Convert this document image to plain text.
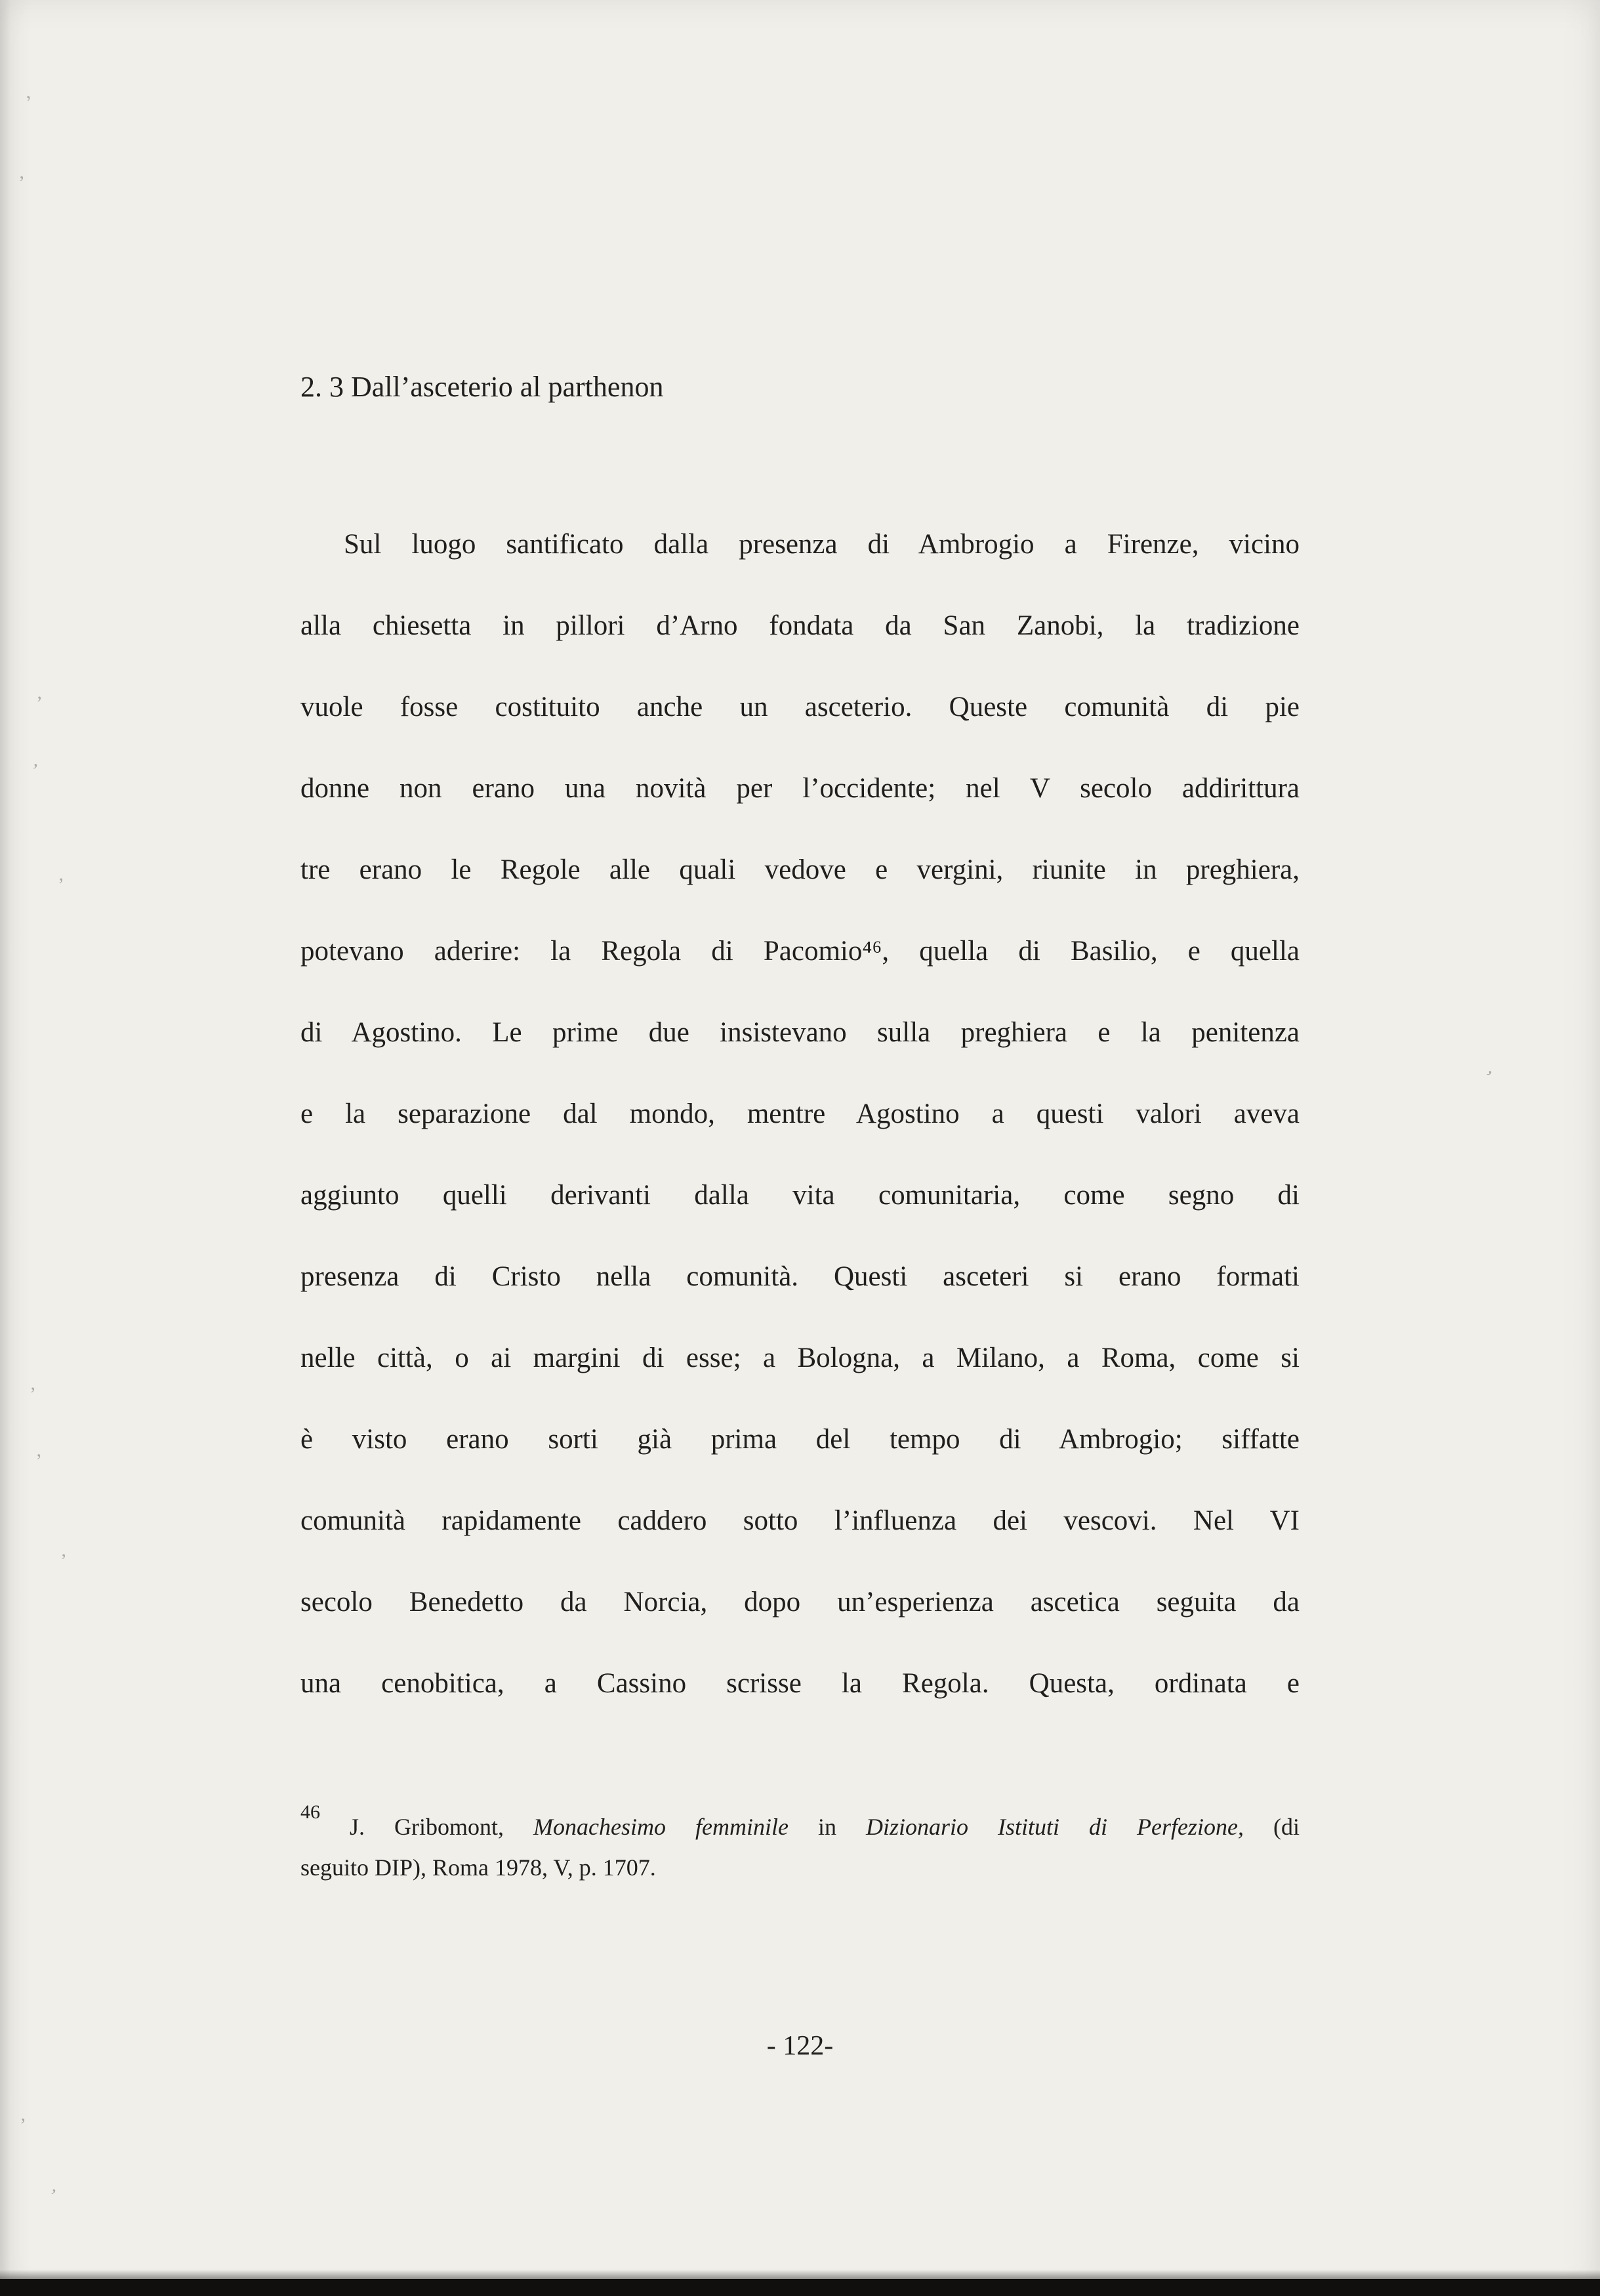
2. 3 Dall’asceterio al parthenon
Sul luogo santificato dalla presenza di Ambrogio a Firenze, vicino
alla chiesetta in pillori d’Arno fondata da San Zanobi, la tradizione
vuole fosse costituito anche un asceterio. Queste comunità di pie
donne non erano una novità per l’occidente; nel V secolo addirittura
tre erano le Regole alle quali vedove e vergini, riunite in preghiera,
potevano aderire: la Regola di Pacomio⁴⁶, quella di Basilio, e quella
di Agostino. Le prime due insistevano sulla preghiera e la penitenza
e la separazione dal mondo, mentre Agostino a questi valori aveva
aggiunto quelli derivanti dalla vita comunitaria, come segno di
presenza di Cristo nella comunità. Questi asceteri si erano formati
nelle città, o ai margini di esse; a Bologna, a Milano, a Roma, come si
è visto erano sorti già prima del tempo di Ambrogio; siffatte
comunità rapidamente caddero sotto l’influenza dei vescovi. Nel VI
secolo Benedetto da Norcia, dopo un’esperienza ascetica seguita da
una cenobitica, a Cassino scrisse la Regola. Questa, ordinata e
$^{46}$ J. Gribomont, Monachesimo femminile in Dizionario Istituti di Perfezione, (di
seguito DIP), Roma 1978, V, p. 1707.
- 122-
’
’
’
’
’
’
’
’
’
’
’
